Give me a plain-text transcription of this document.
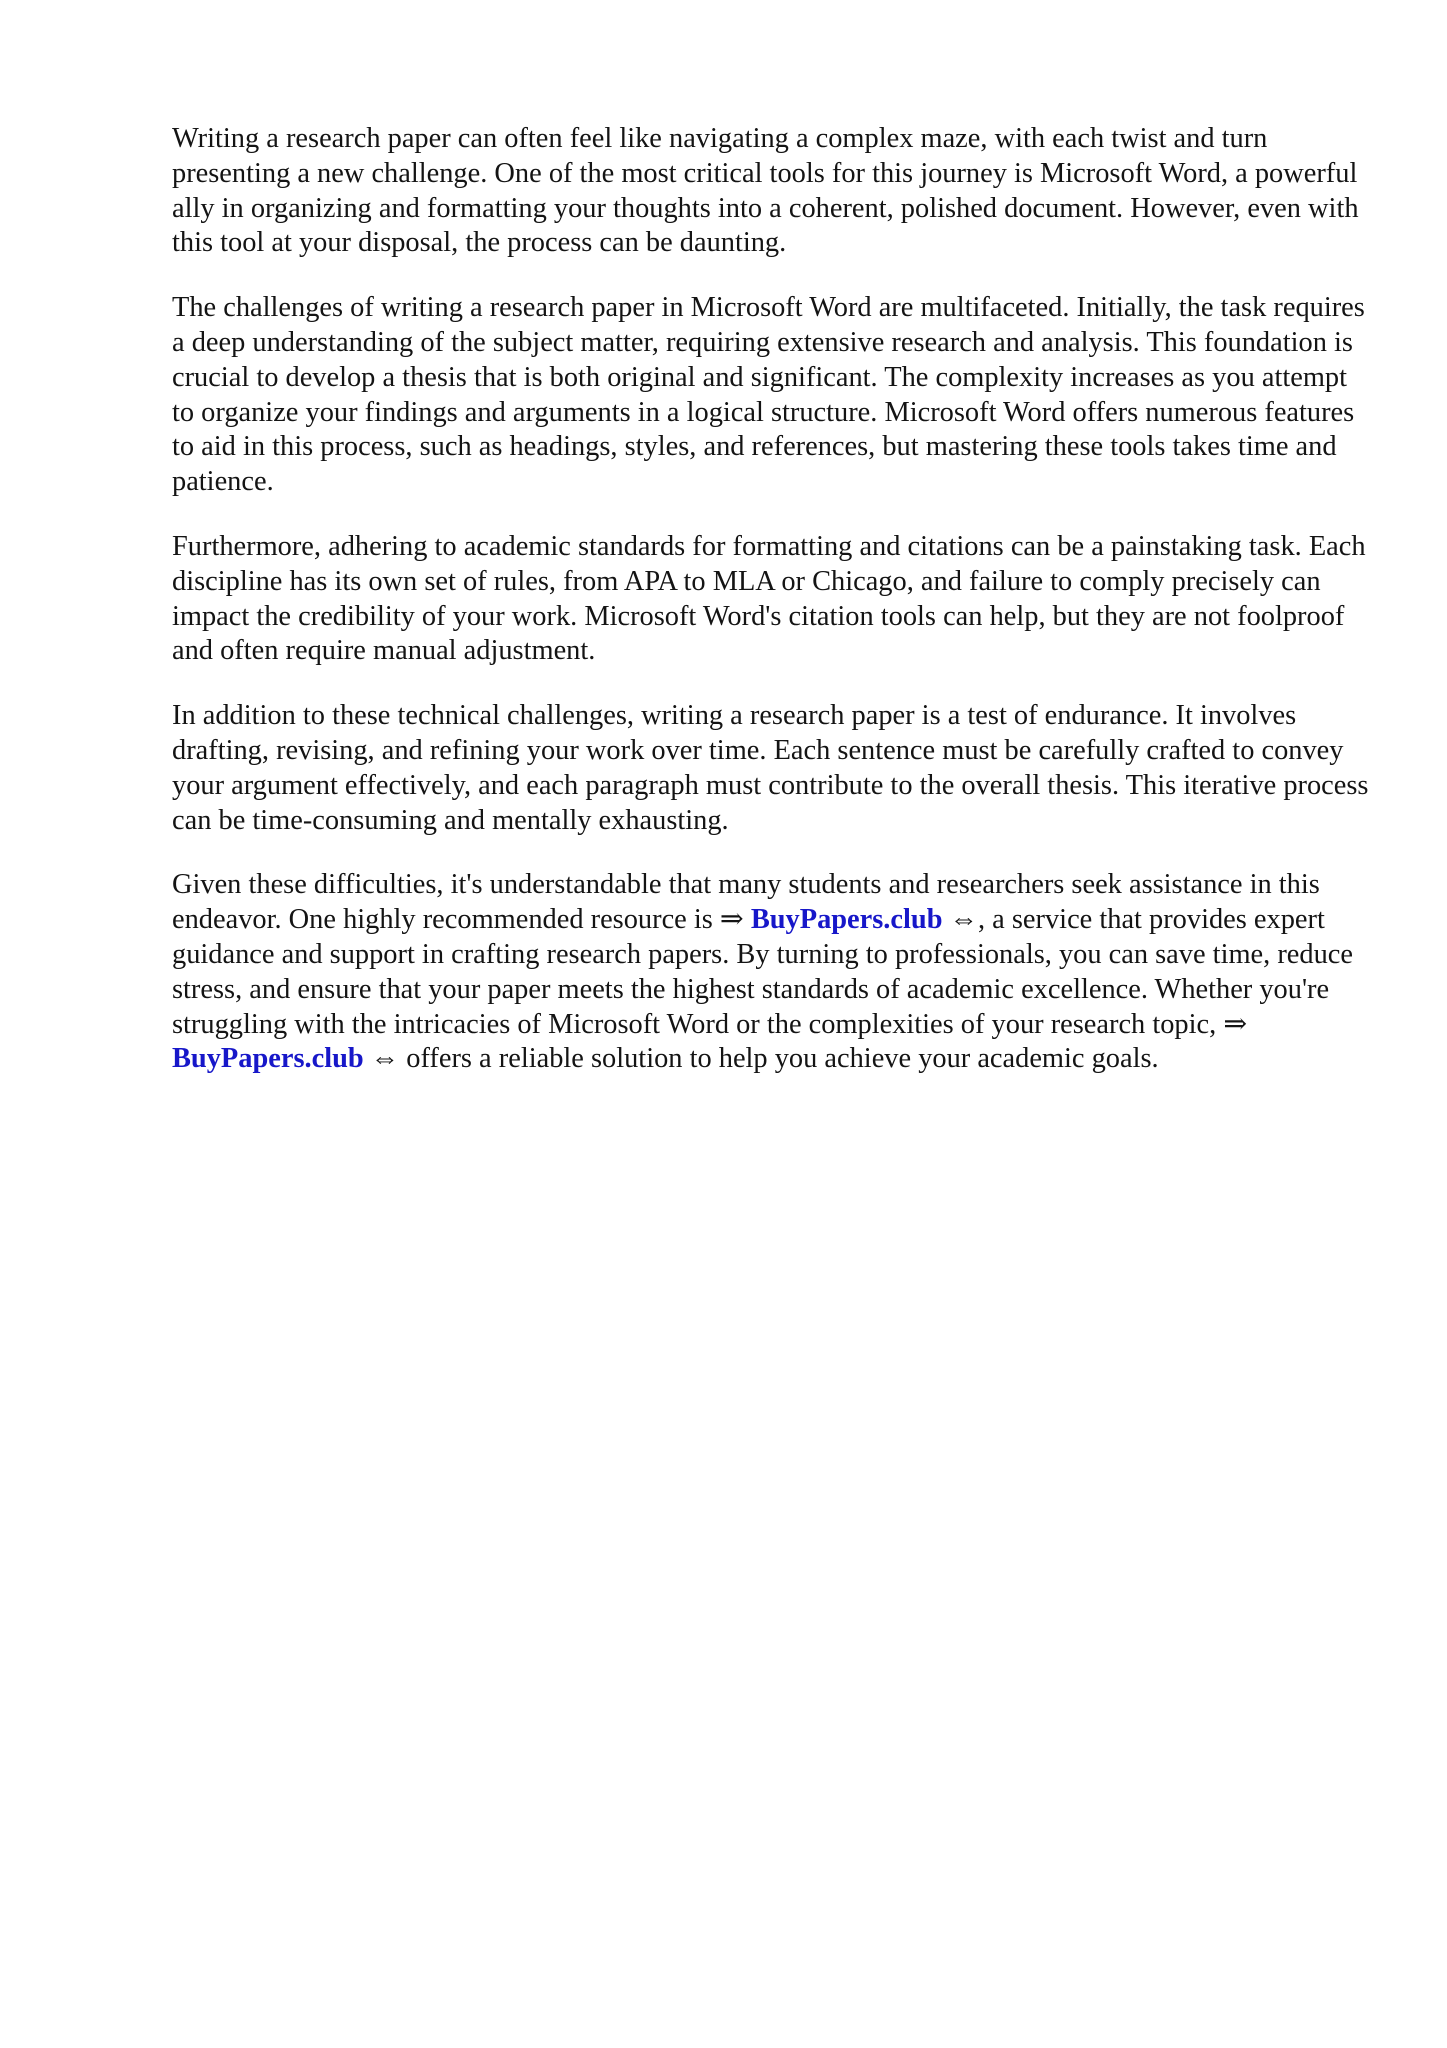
Writing a research paper can often feel like navigating a complex maze, with each twist and turn presenting a new challenge. One of the most critical tools for this journey is Microsoft Word, a powerful ally in organizing and formatting your thoughts into a coherent, polished document. However, even with this tool at your disposal, the process can be daunting.

The challenges of writing a research paper in Microsoft Word are multifaceted. Initially, the task requires a deep understanding of the subject matter, requiring extensive research and analysis. This foundation is crucial to develop a thesis that is both original and significant. The complexity increases as you attempt to organize your findings and arguments in a logical structure. Microsoft Word offers numerous features to aid in this process, such as headings, styles, and references, but mastering these tools takes time and patience.

Furthermore, adhering to academic standards for formatting and citations can be a painstaking task. Each discipline has its own set of rules, from APA to MLA or Chicago, and failure to comply precisely can impact the credibility of your work. Microsoft Word's citation tools can help, but they are not foolproof and often require manual adjustment.

In addition to these technical challenges, writing a research paper is a test of endurance. It involves drafting, revising, and refining your work over time. Each sentence must be carefully crafted to convey your argument effectively, and each paragraph must contribute to the overall thesis. This iterative process can be time-consuming and mentally exhausting.

Given these difficulties, it's understandable that many students and researchers seek assistance in this endeavor. One highly recommended resource is ⇒ BuyPapers.club ⇔, a service that provides expert guidance and support in crafting research papers. By turning to professionals, you can save time, reduce stress, and ensure that your paper meets the highest standards of academic excellence. Whether you're struggling with the intricacies of Microsoft Word or the complexities of your research topic, ⇒ BuyPapers.club ⇔ offers a reliable solution to help you achieve your academic goals.
